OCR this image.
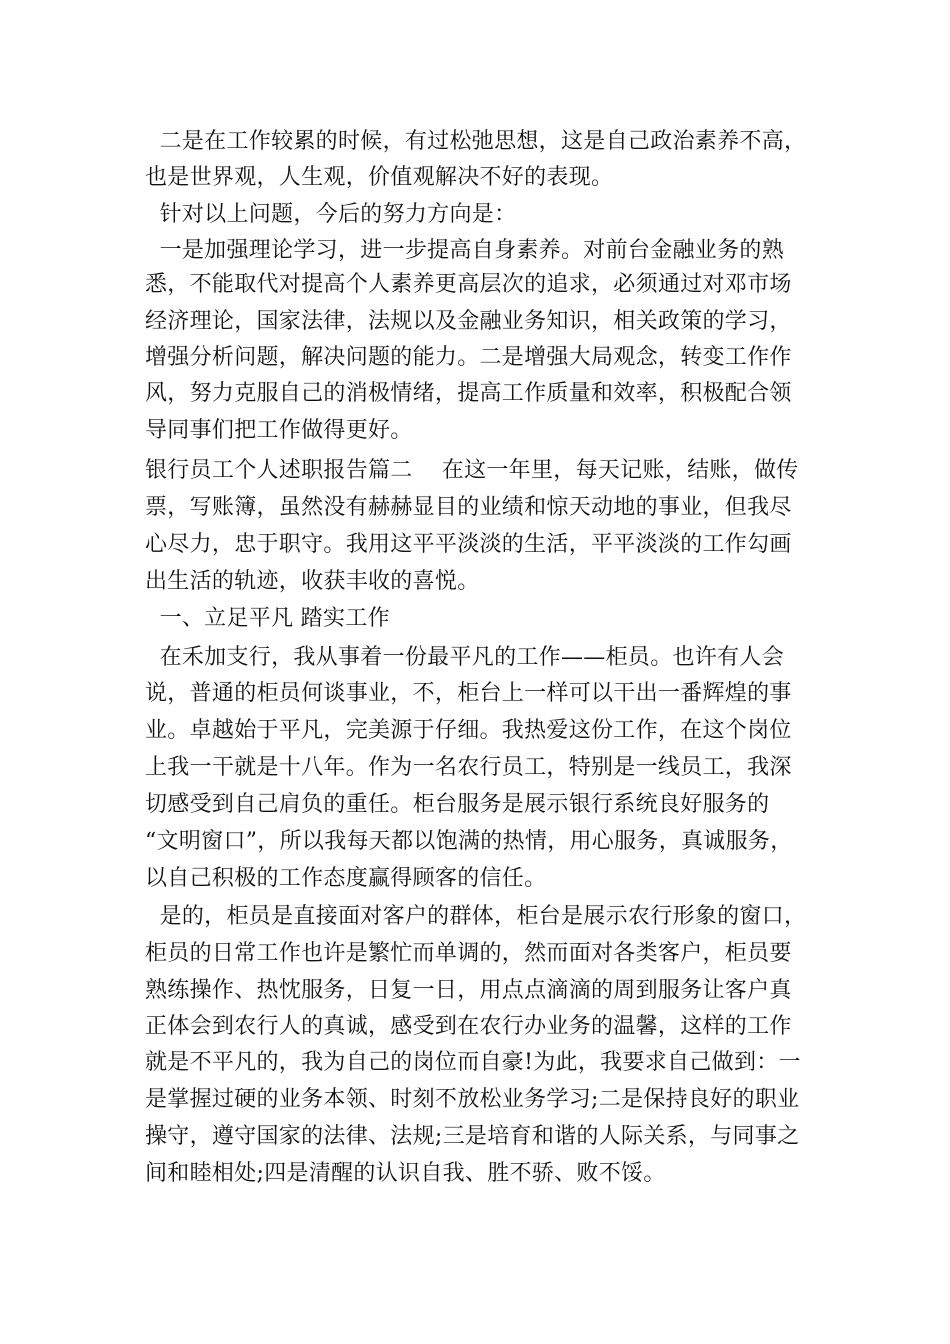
二是在工作较累的时候，有过松弛思想，这是自己政治素养不高，
也是世界观，人生观，价值观解决不好的表现。
针对以上问题，今后的努力方向是：
一是加强理论学习，进一步提高自身素养。对前台金融业务的熟
悉，不能取代对提高个人素养更高层次的追求，必须通过对邓市场
经济理论，国家法律，法规以及金融业务知识，相关政策的学习，
增强分析问题，解决问题的能力。二是增强大局观念，转变工作作
风，努力克服自己的消极情绪，提高工作质量和效率，积极配合领
导同事们把工作做得更好。
银行员工个人述职报告篇二    在这一年里，每天记账，结账，做传
票，写账簿，虽然没有赫赫显目的业绩和惊天动地的事业，但我尽
心尽力，忠于职守。我用这平平淡淡的生活，平平淡淡的工作勾画
出生活的轨迹，收获丰收的喜悦。
一、立足平凡 踏实工作
在禾加支行，我从事着一份最平凡的工作——柜员。也许有人会
说，普通的柜员何谈事业，不，柜台上一样可以干出一番辉煌的事
业。卓越始于平凡，完美源于仔细。我热爱这份工作，在这个岗位
上我一干就是十八年。作为一名农行员工，特别是一线员工，我深
切感受到自己肩负的重任。柜台服务是展示银行系统良好服务的
“文明窗口”，所以我每天都以饱满的热情，用心服务，真诚服务，
以自己积极的工作态度赢得顾客的信任。
是的，柜员是直接面对客户的群体，柜台是展示农行形象的窗口，
柜员的日常工作也许是繁忙而单调的，然而面对各类客户，柜员要
熟练操作、热忱服务，日复一日，用点点滴滴的周到服务让客户真
正体会到农行人的真诚，感受到在农行办业务的温馨，这样的工作
就是不平凡的，我为自己的岗位而自豪!为此，我要求自己做到：一
是掌握过硬的业务本领、时刻不放松业务学习;二是保持良好的职业
操守，遵守国家的法律、法规;三是培育和谐的人际关系，与同事之
间和睦相处;四是清醒的认识自我、胜不骄、败不馁。
